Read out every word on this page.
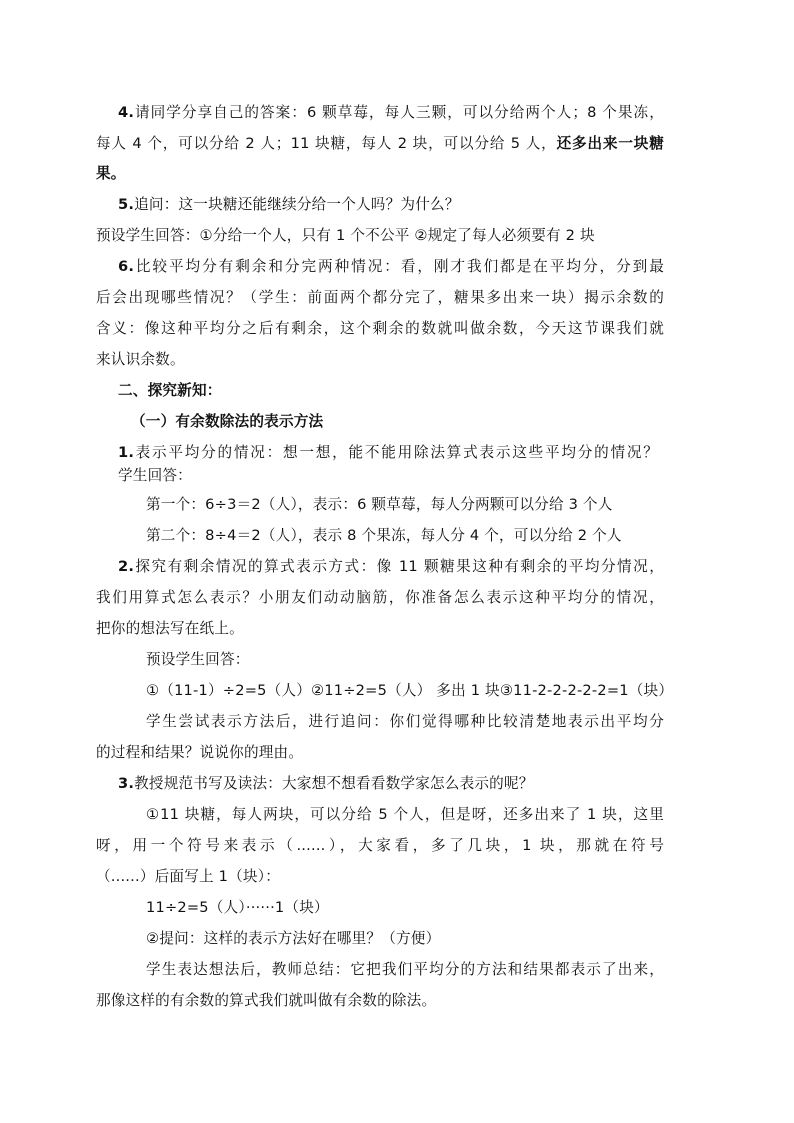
4.请同学分享自己的答案：6 颗草莓，每人三颗，可以分给两个人；8 个果冻，
每人 4 个，可以分给 2 人；11 块糖，每人 2 块，可以分给 5 人，还多出来一块糖
果。
5.追问：这一块糖还能继续分给一个人吗？为什么？
预设学生回答：①分给一个人，只有 1 个不公平 ②规定了每人必须要有 2 块
6.比较平均分有剩余和分完两种情况：看，刚才我们都是在平均分，分到最
后会出现哪些情况？（学生：前面两个都分完了，糖果多出来一块）揭示余数的
含义：像这种平均分之后有剩余，这个剩余的数就叫做余数，今天这节课我们就
来认识余数。
二、探究新知：
（一）有余数除法的表示方法
1.表示平均分的情况：想一想，能不能用除法算式表示这些平均分的情况？
学生回答：
第一个：6÷3＝2（人），表示：6 颗草莓，每人分两颗可以分给 3 个人
第二个：8÷4＝2（人），表示 8 个果冻，每人分 4 个，可以分给 2 个人
2.探究有剩余情况的算式表示方式：像 11 颗糖果这种有剩余的平均分情况，
我们用算式怎么表示？小朋友们动动脑筋，你准备怎么表示这种平均分的情况，
把你的想法写在纸上。
预设学生回答：
①（11-1）÷2=5（人）②11÷2=5（人） 多出 1 块③11-2-2-2-2-2=1（块）
学生尝试表示方法后，进行追问：你们觉得哪种比较清楚地表示出平均分
的过程和结果？说说你的理由。
3.教授规范书写及读法：大家想不想看看数学家怎么表示的呢？
①11 块糖，每人两块，可以分给 5 个人，但是呀，还多出来了 1 块，这里
呀，用一个符号来表示（......），大家看，多了几块，1 块，那就在符号
（......）后面写上 1（块）：
11÷2=5（人）······1（块）
②提问：这样的表示方法好在哪里？（方便）
学生表达想法后，教师总结：它把我们平均分的方法和结果都表示了出来，
那像这样的有余数的算式我们就叫做有余数的除法。
